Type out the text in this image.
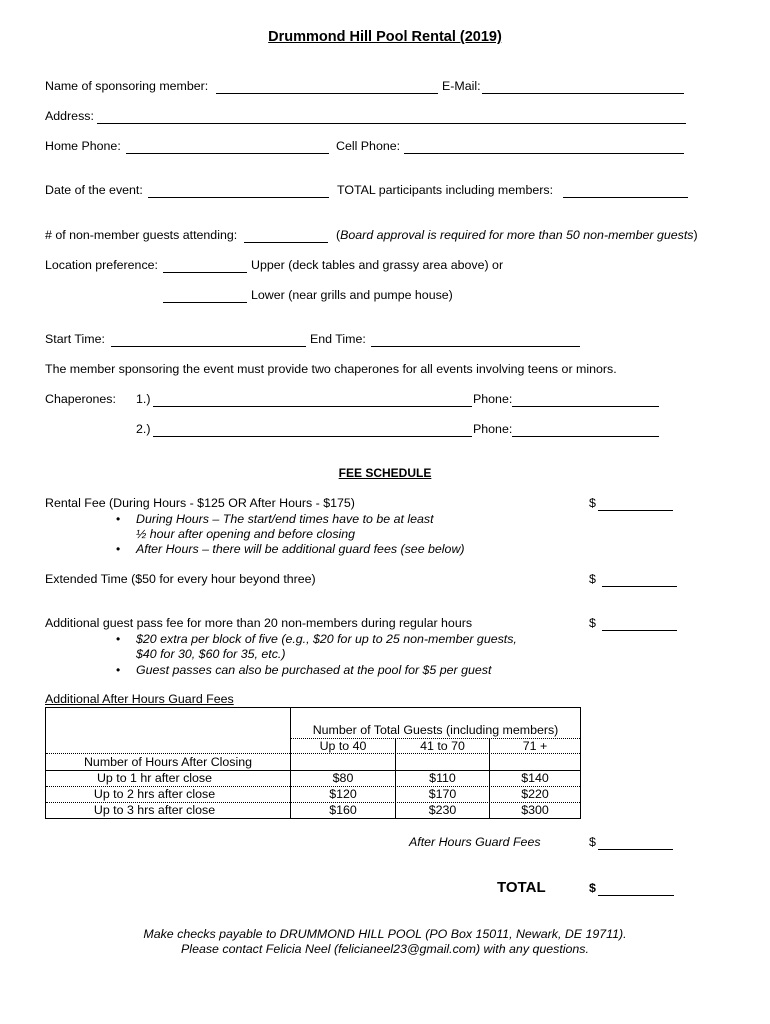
Drummond Hill Pool Rental (2019)
Name of sponsoring member:	E-Mail:
Address:
Home Phone:	Cell Phone:
Date of the event:	TOTAL participants including members:
# of non-member guests attending:	(Board approval is required for more than 50 non-member guests)
Location preference:	Upper (deck tables and grassy area above) or
Lower (near grills and pumpe house)
Start Time:	End Time:
The member sponsoring the event must provide two chaperones for all events involving teens or minors.
Chaperones: 1.)	Phone:
2.)	Phone:
FEE SCHEDULE
Rental Fee (During Hours - $125 OR After Hours - $175)	$
• During Hours – The start/end times have to be at least
½ hour after opening and before closing
• After Hours – there will be additional guard fees (see below)
Extended Time ($50 for every hour beyond three)	$
Additional guest pass fee for more than 20 non-members during regular hours	$
• $20 extra per block of five (e.g., $20 for up to 25 non-member guests,
$40 for 30, $60 for 35, etc.)
• Guest passes can also be purchased at the pool for $5 per guest
Additional After Hours Guard Fees
Number of Total Guests (including members)
Up to 40	41 to 70	71 +
Number of Hours After Closing
Up to 1 hr after close	$80	$110	$140
Up to 2 hrs after close	$120	$170	$220
Up to 3 hrs after close	$160	$230	$300
After Hours Guard Fees	$
TOTAL	$
Make checks payable to DRUMMOND HILL POOL (PO Box 15011, Newark, DE 19711).
Please contact Felicia Neel (felicianeel23@gmail.com) with any questions.
